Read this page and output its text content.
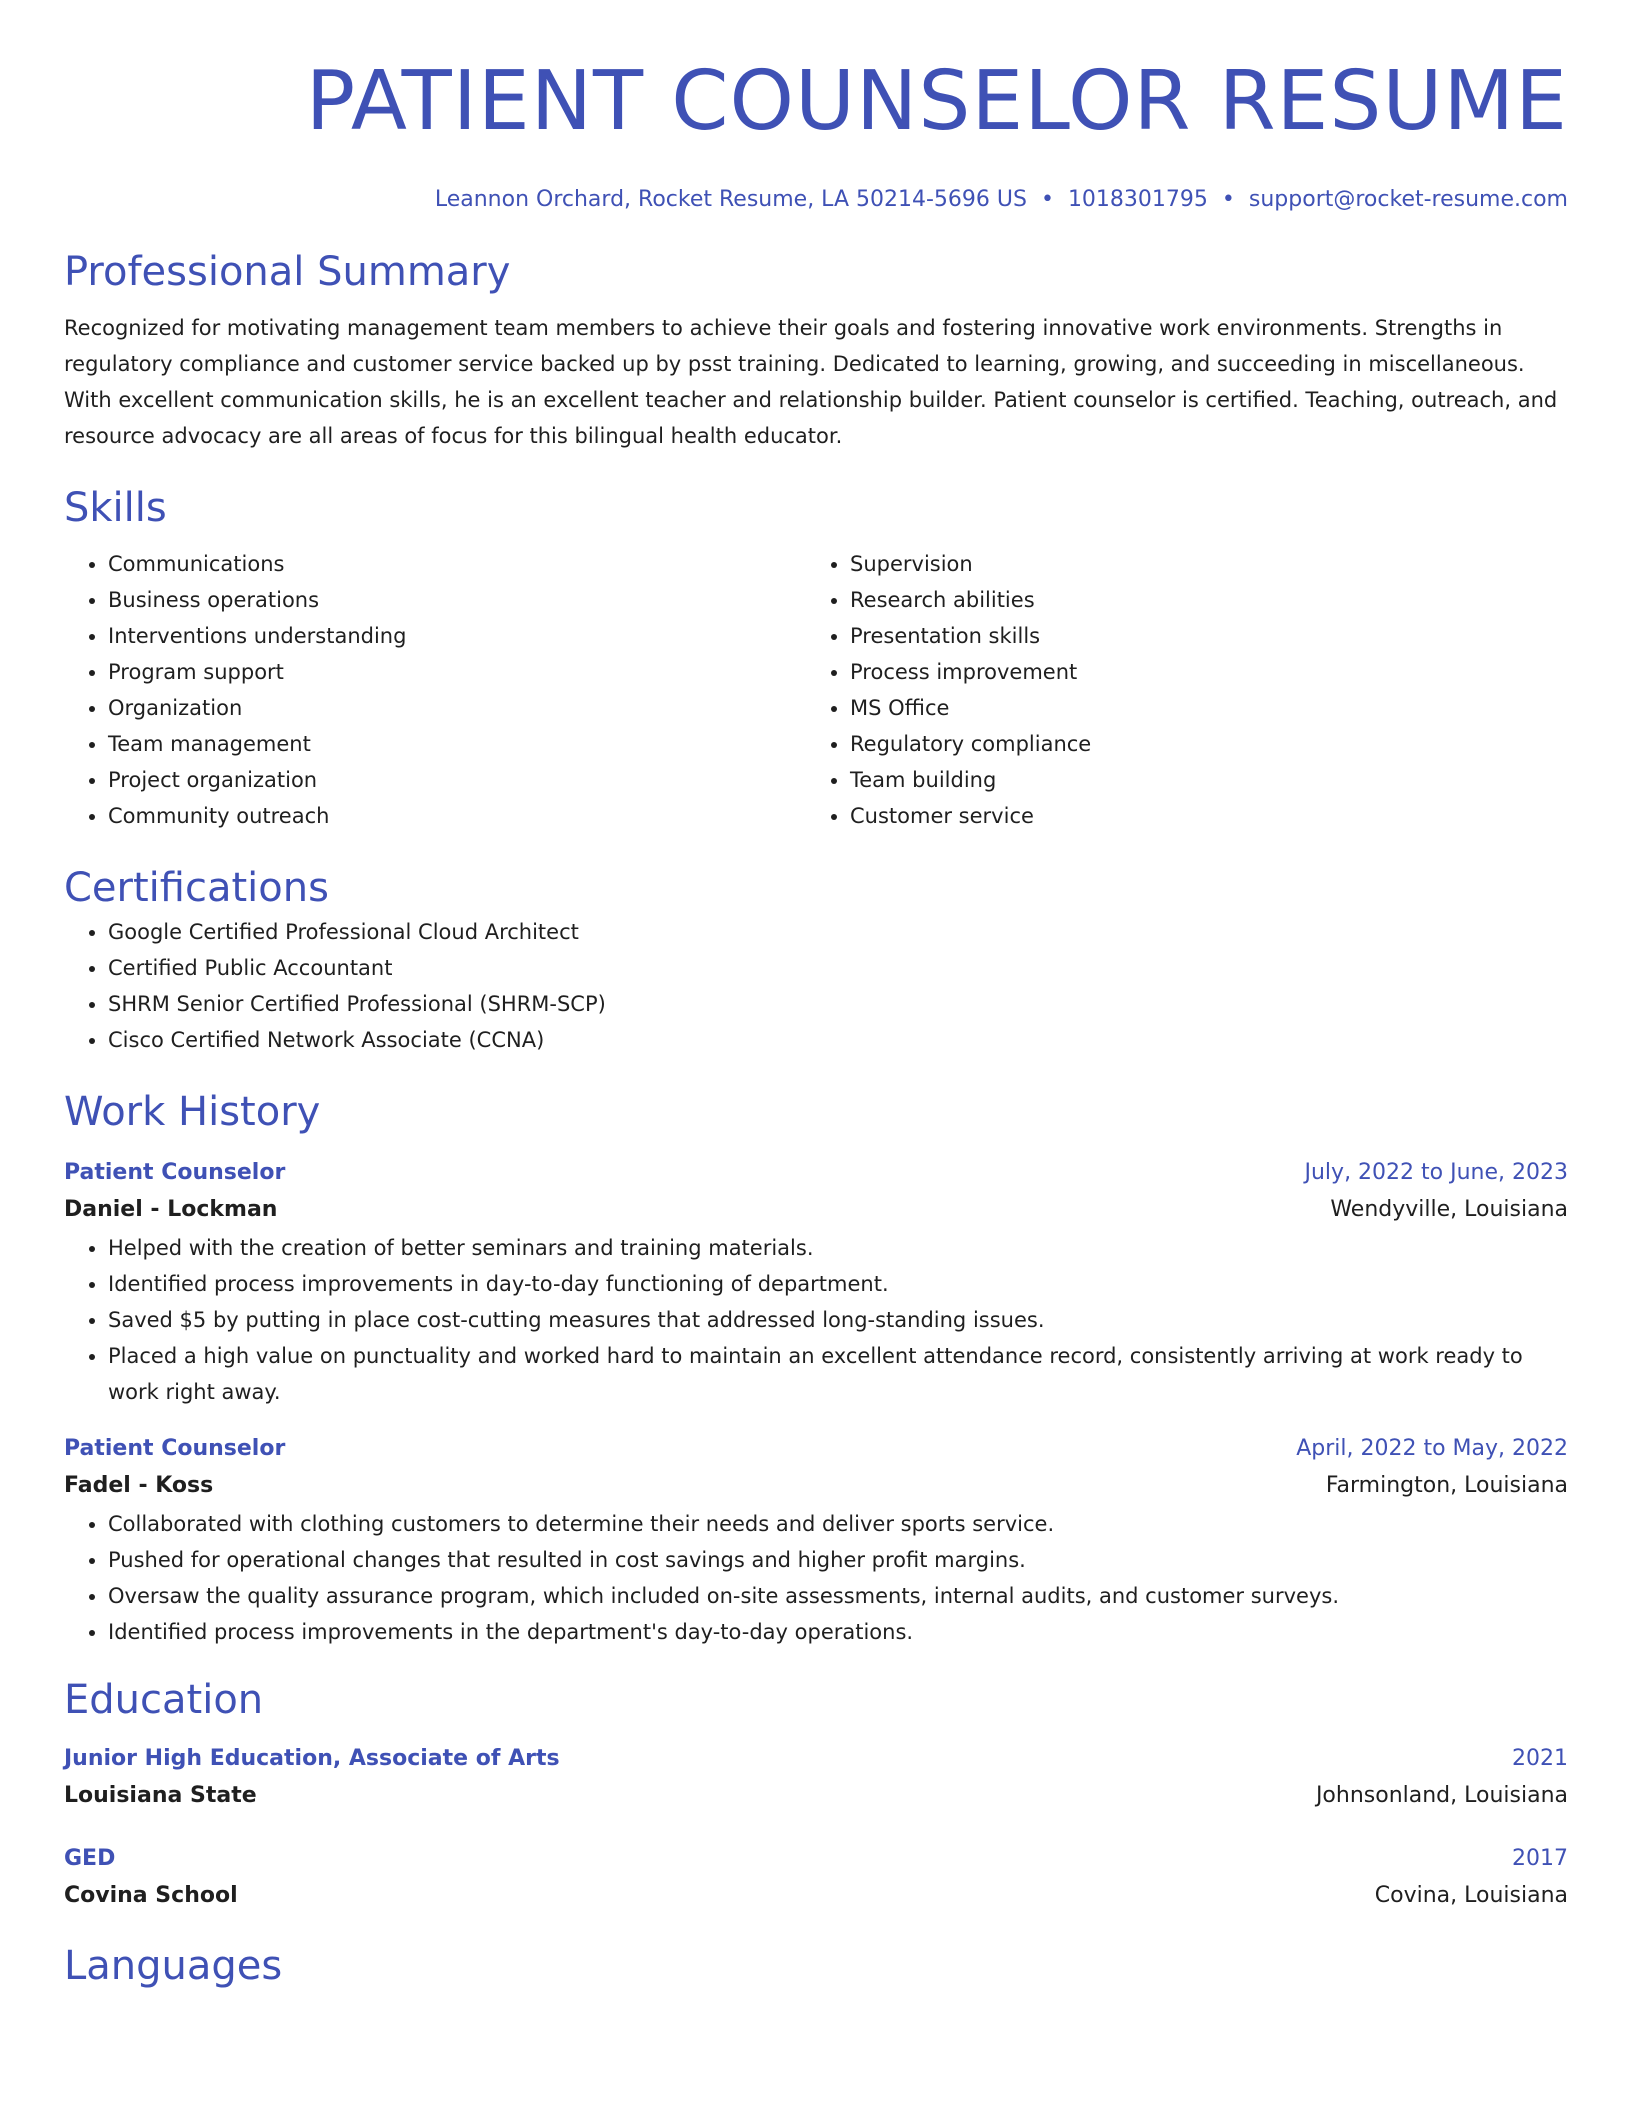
PATIENT COUNSELOR RESUME
Leannon Orchard, Rocket Resume, LA 50214-5696 US • 1018301795 • support@rocket-resume.com
Professional Summary

Recognized for motivating management team members to achieve their goals and fostering innovative work environments. Strengths in regulatory compliance and customer service backed up by psst training. Dedicated to learning, growing, and succeeding in miscellaneous. With excellent communication skills, he is an excellent teacher and relationship builder. Patient counselor is certified. Teaching, outreach, and resource advocacy are all areas of focus for this bilingual health educator.

Skills
• Communications
• Business operations
• Interventions understanding
• Program support
• Organization
• Team management
• Project organization
• Community outreach
• Supervision
• Research abilities
• Presentation skills
• Process improvement
• MS Office
• Regulatory compliance
• Team building
• Customer service
Certifications
• Google Certified Professional Cloud Architect
• Certified Public Accountant
• SHRM Senior Certified Professional (SHRM-SCP)
• Cisco Certified Network Associate (CCNA)
Work History
Patient Counselor	July, 2022 to June, 2023
Daniel - Lockman	Wendyville, Louisiana
• Helped with the creation of better seminars and training materials.
• Identified process improvements in day-to-day functioning of department.
• Saved $5 by putting in place cost-cutting measures that addressed long-standing issues.
• Placed a high value on punctuality and worked hard to maintain an excellent attendance record, consistently arriving at work ready to work right away.
Patient Counselor	April, 2022 to May, 2022
Fadel - Koss	Farmington, Louisiana
• Collaborated with clothing customers to determine their needs and deliver sports service.
• Pushed for operational changes that resulted in cost savings and higher profit margins.
• Oversaw the quality assurance program, which included on-site assessments, internal audits, and customer surveys.
• Identified process improvements in the department's day-to-day operations.
Education
Junior High Education, Associate of Arts	2021
Louisiana State	Johnsonland, Louisiana
GED	2017
Covina School	Covina, Louisiana
Languages
